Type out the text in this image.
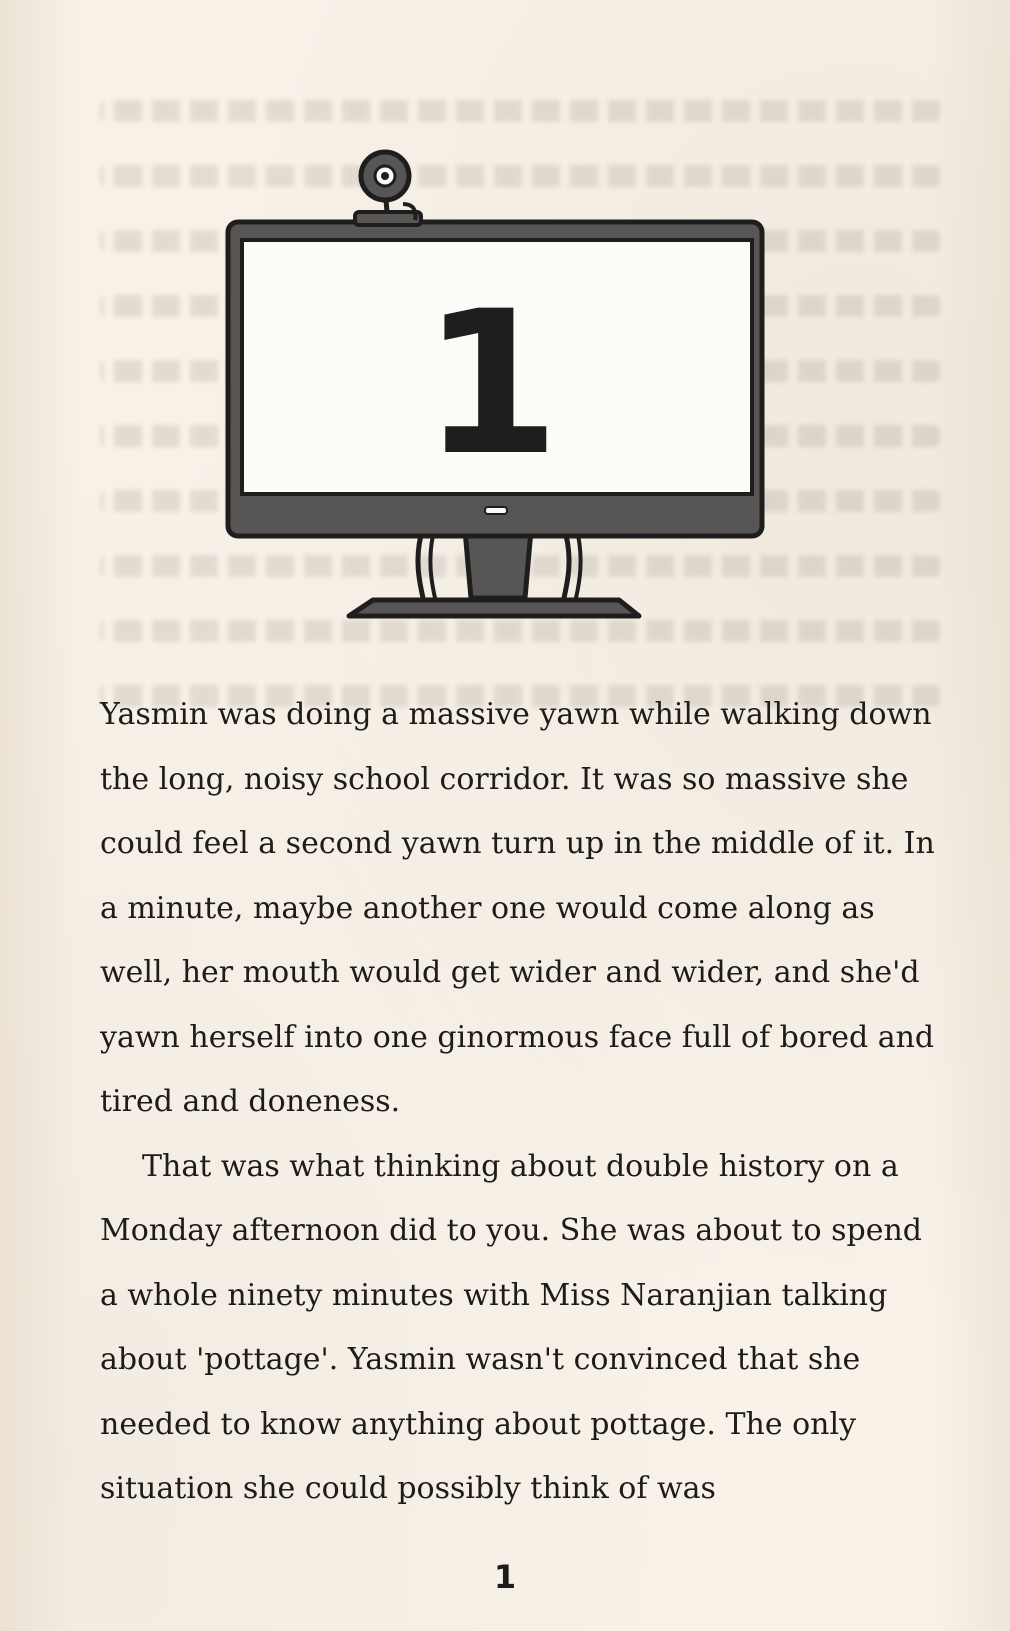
1

Yasmin was doing a massive yawn while walking down the long, noisy school corridor. It was so massive she could feel a second yawn turn up in the middle of it. In a minute, maybe another one would come along as well, her mouth would get wider and wider, and she'd yawn herself into one ginormous face full of bored and tired and doneness.

That was what thinking about double history on a Monday afternoon did to you. She was about to spend a whole ninety minutes with Miss Naranjian talking about 'pottage'. Yasmin wasn't convinced that she needed to know anything about pottage. The only situation she could possibly think of was

1
